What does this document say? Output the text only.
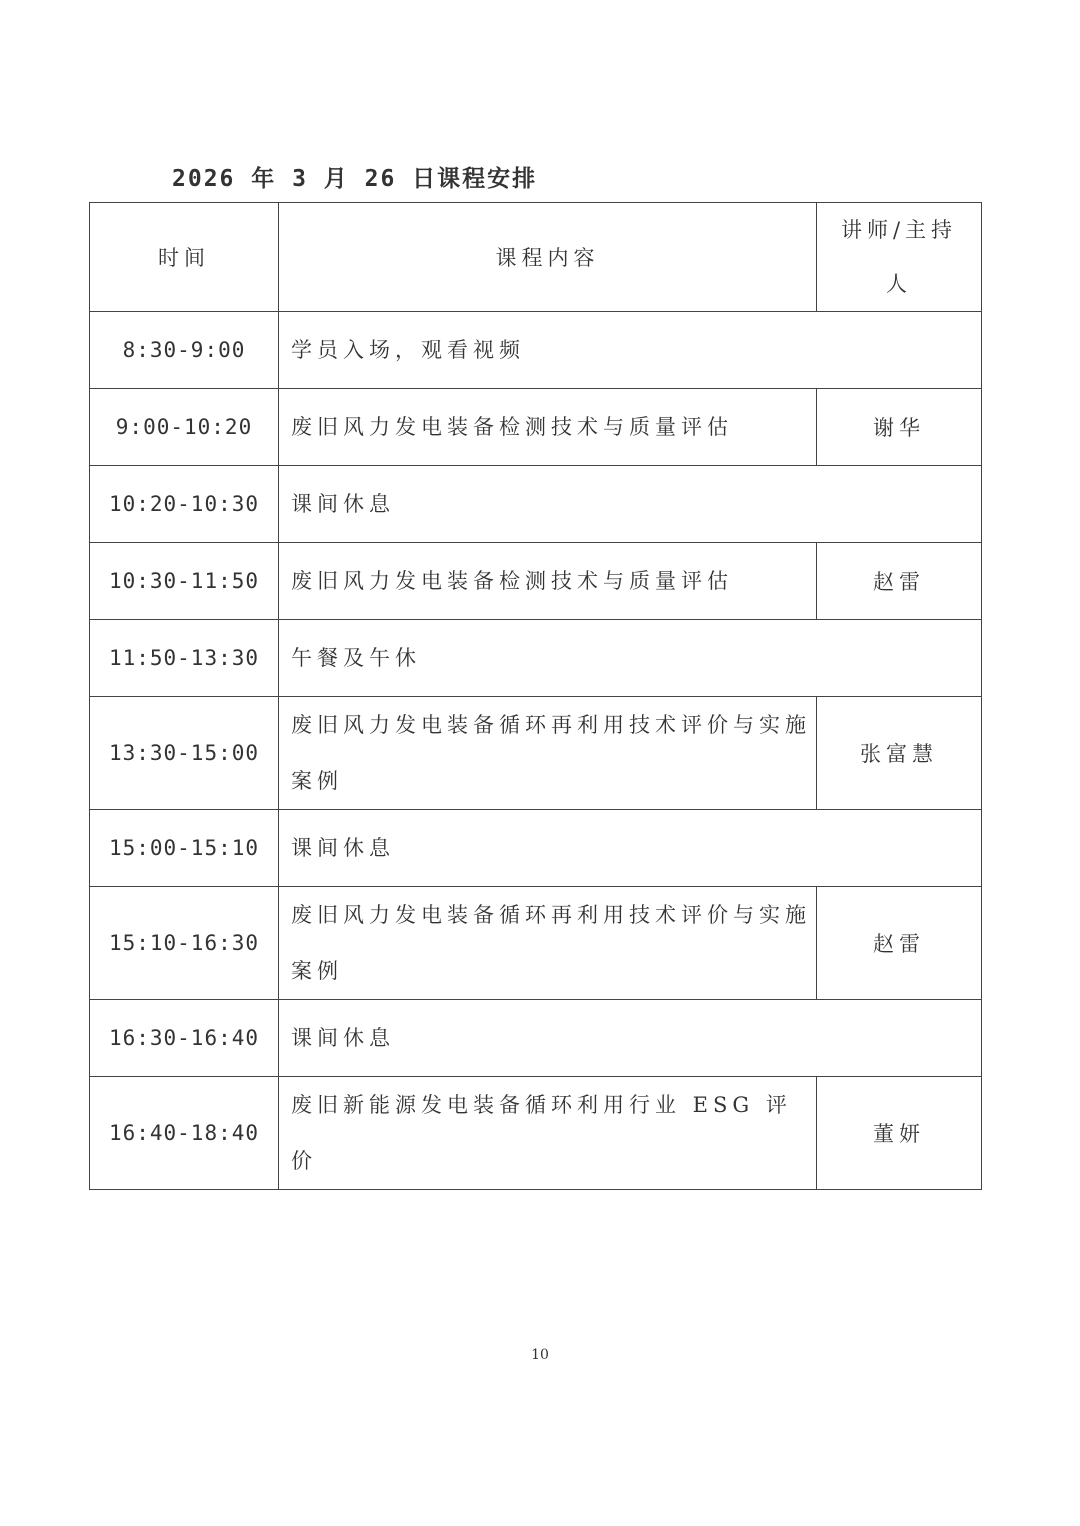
2026 年 3 月 26 日课程安排
时间	课程内容	讲师/主持人
8:30-9:00	学员入场，观看视频	
9:00-10:20	废旧风力发电装备检测技术与质量评估	谢华
10:20-10:30	课间休息	
10:30-11:50	废旧风力发电装备检测技术与质量评估	赵雷
11:50-13:30	午餐及午休	
13:30-15:00	废旧风力发电装备循环再利用技术评价与实施案例	张富慧
15:00-15:10	课间休息	
15:10-16:30	废旧风力发电装备循环再利用技术评价与实施案例	赵雷
16:30-16:40	课间休息	
16:40-18:40	废旧新能源发电装备循环利用行业 ESG 评价	董妍
10
